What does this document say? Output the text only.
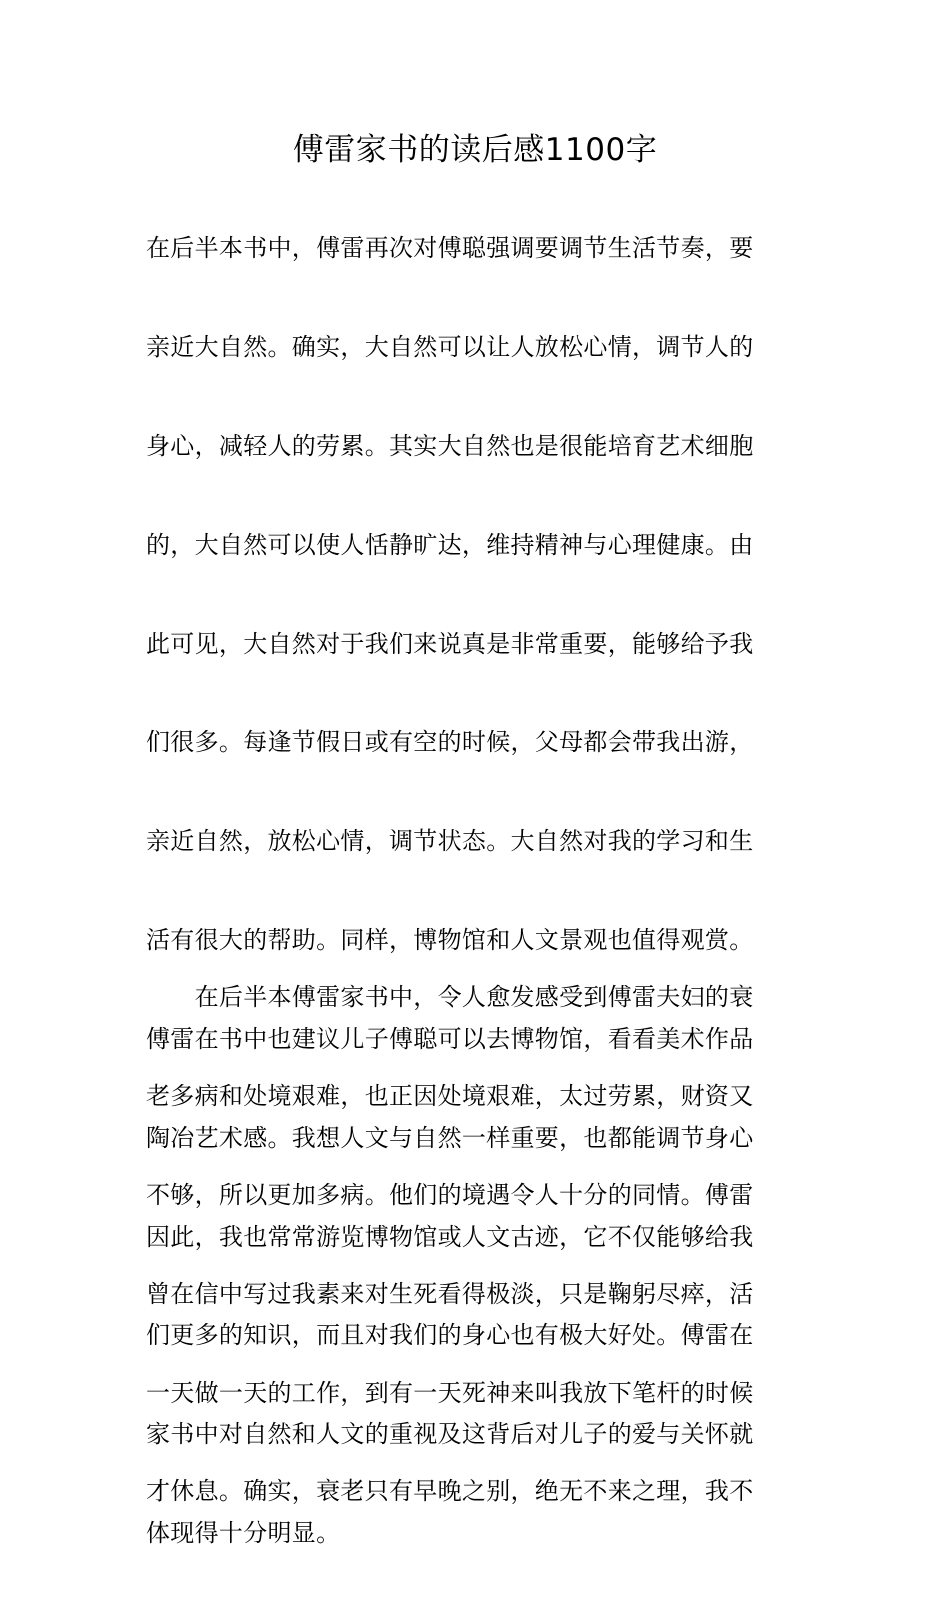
傅雷家书的读后感1100字

在后半本书中，傅雷再次对傅聪强调要调节生活节奏，要

亲近大自然。确实，大自然可以让人放松心情，调节人的

身心，减轻人的劳累。其实大自然也是很能培育艺术细胞

的，大自然可以使人恬静旷达，维持精神与心理健康。由

此可见，大自然对于我们来说真是非常重要，能够给予我

们很多。每逢节假日或有空的时候，父母都会带我出游，

亲近自然，放松心情，调节状态。大自然对我的学习和生

活有很大的帮助。同样，博物馆和人文景观也值得观赏。

傅雷在书中也建议儿子傅聪可以去博物馆，看看美术作品

陶冶艺术感。我想人文与自然一样重要，也都能调节身心

因此，我也常常游览博物馆或人文古迹，它不仅能够给我

们更多的知识，而且对我们的身心也有极大好处。傅雷在

家书中对自然和人文的重视及这背后对儿子的爱与关怀就

体现得十分明显。

　　在后半本傅雷家书中，令人愈发感受到傅雷夫妇的衰

老多病和处境艰难，也正因处境艰难，太过劳累，财资又

不够，所以更加多病。他们的境遇令人十分的同情。傅雷

曾在信中写过我素来对生死看得极淡，只是鞠躬尽瘁，活

一天做一天的工作，到有一天死神来叫我放下笔杆的时候

才休息。确实，衰老只有早晚之别，绝无不来之理，我不
